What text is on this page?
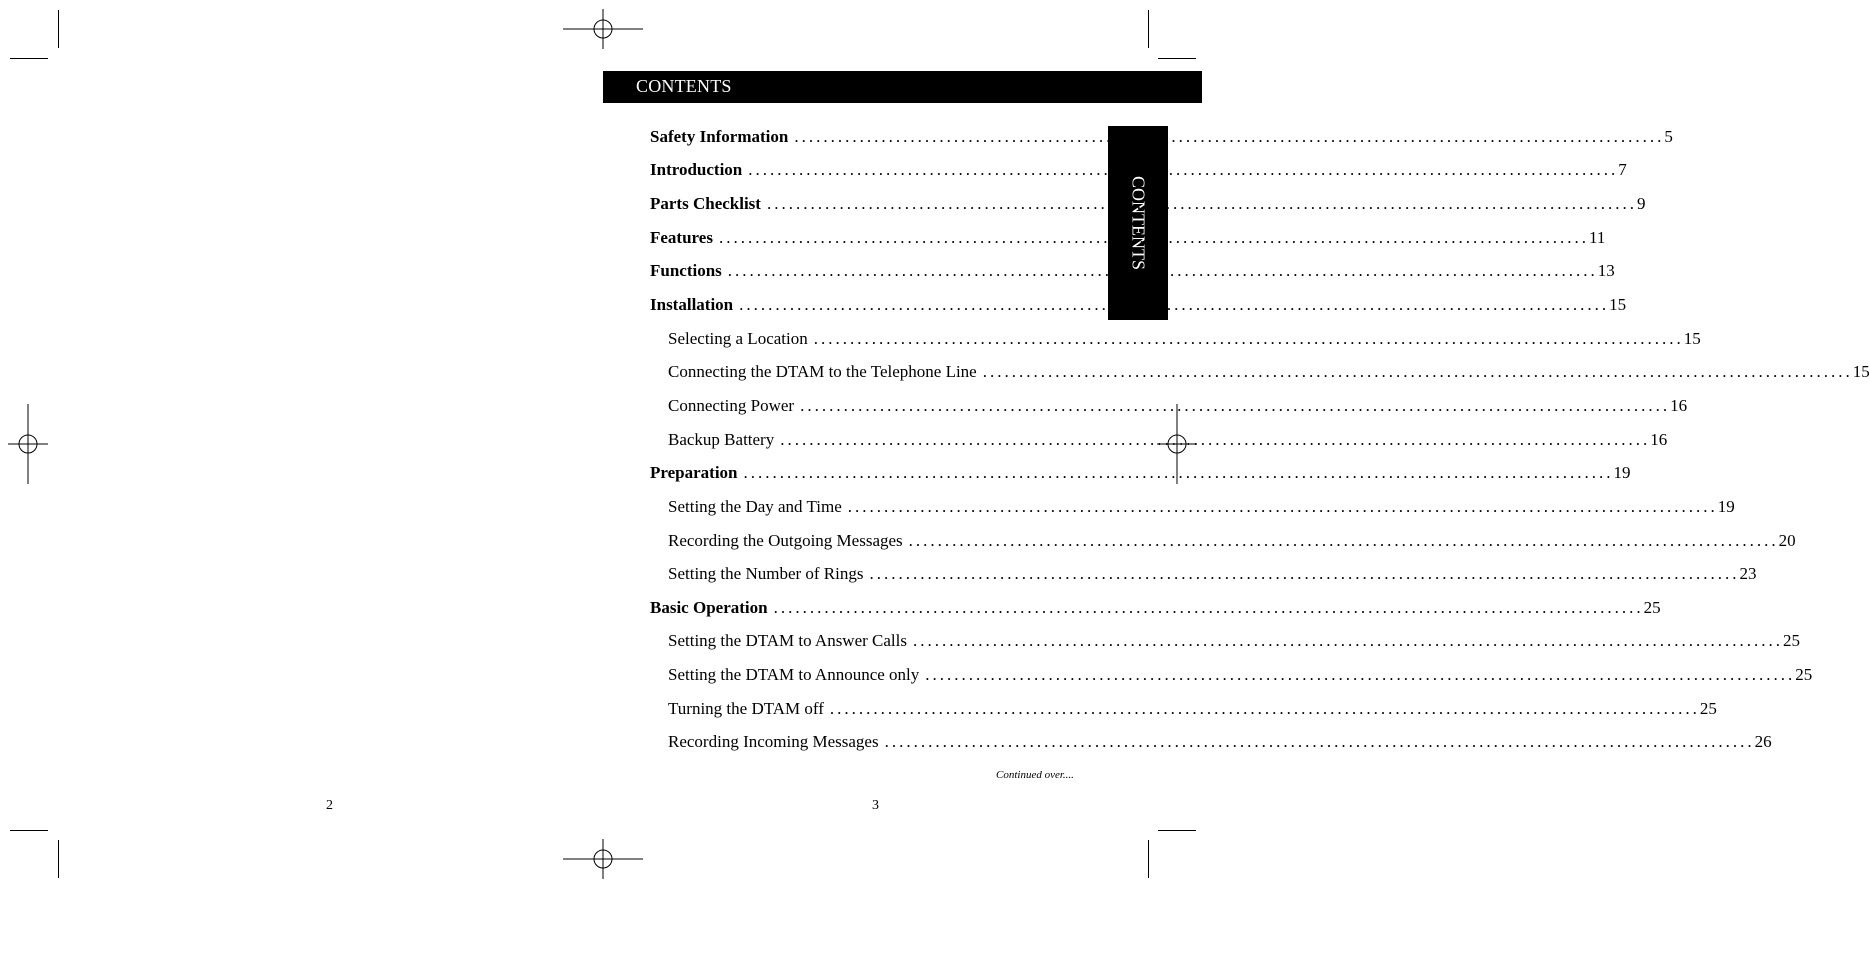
CONTENTS
CONTENTS
Safety Information ........................................................................................................................ 5
Introduction ........................................................................................................................ 7
Parts Checklist ........................................................................................................................ 9
Features ........................................................................................................................ 11
Functions ........................................................................................................................ 13
Installation ........................................................................................................................ 15
Selecting a Location ........................................................................................................................ 15
Connecting the DTAM to the Telephone Line ........................................................................................................................ 15
Connecting Power ........................................................................................................................ 16
Backup Battery ........................................................................................................................ 16
Preparation ........................................................................................................................ 19
Setting the Day and Time ........................................................................................................................ 19
Recording the Outgoing Messages ........................................................................................................................ 20
Setting the Number of Rings ........................................................................................................................ 23
Basic Operation ........................................................................................................................ 25
Setting the DTAM to Answer Calls ........................................................................................................................ 25
Setting the DTAM to Announce only ........................................................................................................................ 25
Turning the DTAM off ........................................................................................................................ 25
Recording Incoming Messages ........................................................................................................................ 26
Continued over....
2	3
